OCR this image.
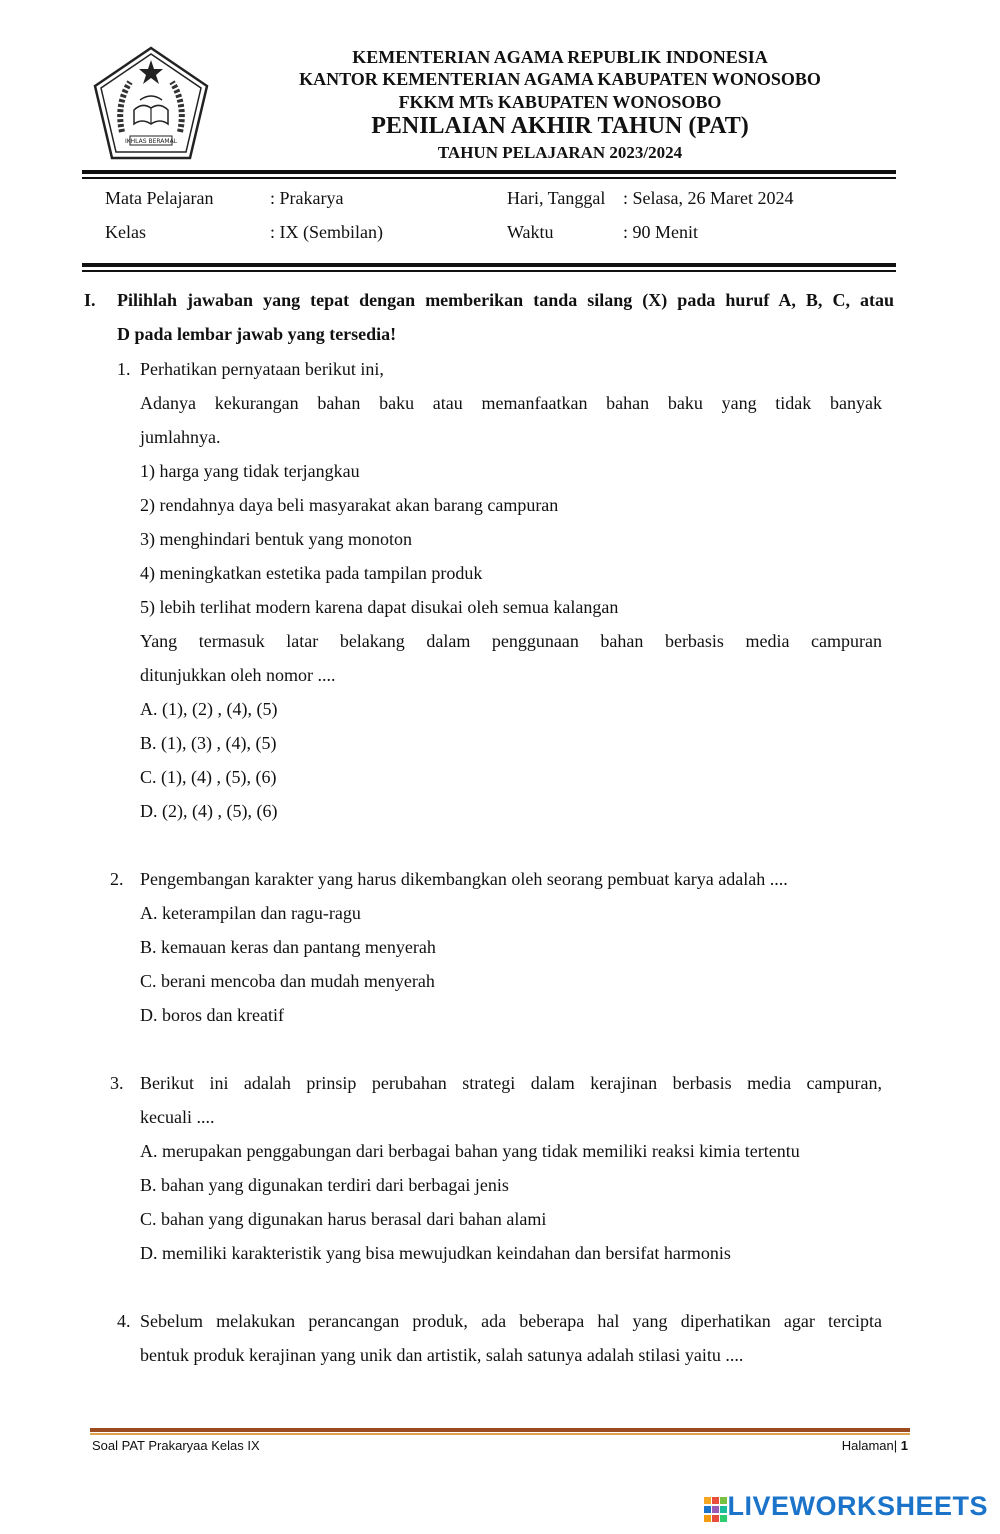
IKHLAS BERAMAL
KEMENTERIAN AGAMA REPUBLIK INDONESIA
KANTOR KEMENTERIAN AGAMA KABUPATEN WONOSOBO
FKKM MTs KABUPATEN WONOSOBO
PENILAIAN AKHIR TAHUN (PAT)
TAHUN PELAJARAN 2023/2024
Mata Pelajaran	: Prakarya	Hari, Tanggal : Selasa, 26 Maret 2024
Kelas	: IX (Sembilan)	Waktu	: 90 Menit
I. Pilihlah jawaban yang tepat dengan memberikan tanda silang (X) pada huruf A, B, C, atau
D pada lembar jawab yang tersedia!
1. Perhatikan pernyataan berikut ini,
Adanya kekurangan bahan baku atau memanfaatkan bahan baku yang tidak banyak
jumlahnya.
1) harga yang tidak terjangkau
2) rendahnya daya beli masyarakat akan barang campuran
3) menghindari bentuk yang monoton
4) meningkatkan estetika pada tampilan produk
5) lebih terlihat modern karena dapat disukai oleh semua kalangan
Yang termasuk latar belakang dalam penggunaan bahan berbasis media campuran
ditunjukkan oleh nomor ....
A. (1), (2) , (4), (5)
B. (1), (3) , (4), (5)
C. (1), (4) , (5), (6)
D. (2), (4) , (5), (6)
2. Pengembangan karakter yang harus dikembangkan oleh seorang pembuat karya adalah ....
A. keterampilan dan ragu-ragu
B. kemauan keras dan pantang menyerah
C. berani mencoba dan mudah menyerah
D. boros dan kreatif
3. Berikut ini adalah prinsip perubahan strategi dalam kerajinan berbasis media campuran,
kecuali ....
A. merupakan penggabungan dari berbagai bahan yang tidak memiliki reaksi kimia tertentu
B. bahan yang digunakan terdiri dari berbagai jenis
C. bahan yang digunakan harus berasal dari bahan alami
D. memiliki karakteristik yang bisa mewujudkan keindahan dan bersifat harmonis
4. Sebelum melakukan perancangan produk, ada beberapa hal yang diperhatikan agar tercipta
bentuk produk kerajinan yang unik dan artistik, salah satunya adalah stilasi yaitu ....
Soal PAT Prakaryaa Kelas IX	Halaman| 1
LIVEWORKSHEETS
